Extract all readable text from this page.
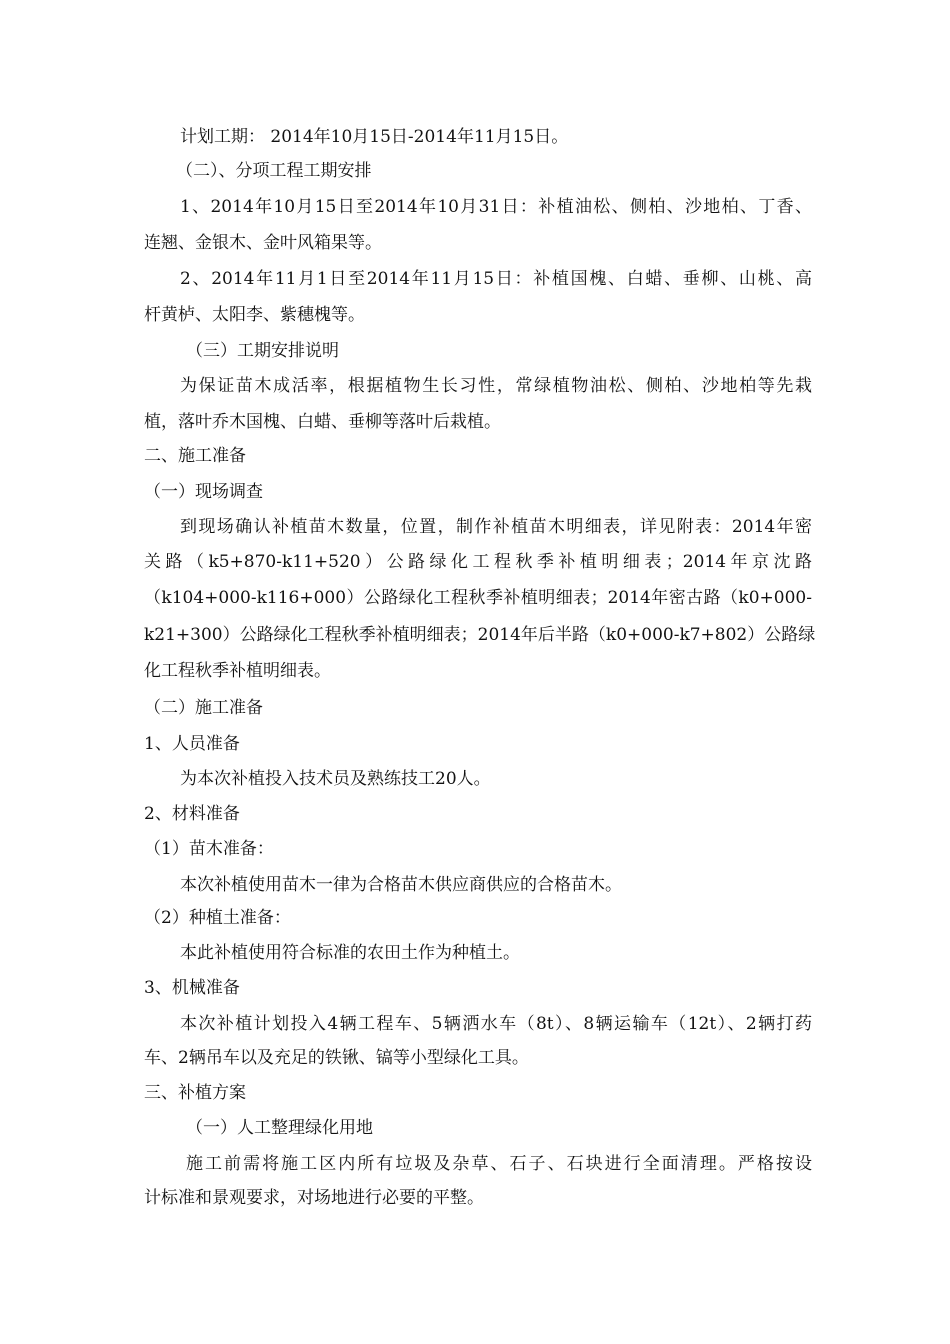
计划工期： 2014年10月15日-2014年11月15日。
（二）、分项工程工期安排
1、2014年10月15日至2014年10月31日：补植油松、侧柏、沙地柏、丁香、
连翘、金银木、金叶风箱果等。
2、2014年11月1日至2014年11月15日：补植国槐、白蜡、垂柳、山桃、高
杆黄栌、太阳李、紫穗槐等。
（三）工期安排说明
为保证苗木成活率，根据植物生长习性，常绿植物油松、侧柏、沙地柏等先栽
植，落叶乔木国槐、白蜡、垂柳等落叶后栽植。
二、施工准备
（一）现场调查
到现场确认补植苗木数量，位置，制作补植苗木明细表，详见附表：2014年密
关路（k5+870-k11+520）公路绿化工程秋季补植明细表；2014年京沈路
（k104+000-k116+000）公路绿化工程秋季补植明细表；2014年密古路（k0+000-
k21+300）公路绿化工程秋季补植明细表；2014年后半路（k0+000-k7+802）公路绿
化工程秋季补植明细表。
（二）施工准备
1、人员准备
为本次补植投入技术员及熟练技工20人。
2、材料准备
（1）苗木准备：
本次补植使用苗木一律为合格苗木供应商供应的合格苗木。
（2）种植土准备：
本此补植使用符合标准的农田土作为种植土。
3、机械准备
本次补植计划投入4辆工程车、5辆洒水车（8t）、8辆运输车（12t）、2辆打药
车、2辆吊车以及充足的铁锹、镐等小型绿化工具。
三、补植方案
（一）人工整理绿化用地
施工前需将施工区内所有垃圾及杂草、石子、石块进行全面清理。严格按设
计标准和景观要求，对场地进行必要的平整。
